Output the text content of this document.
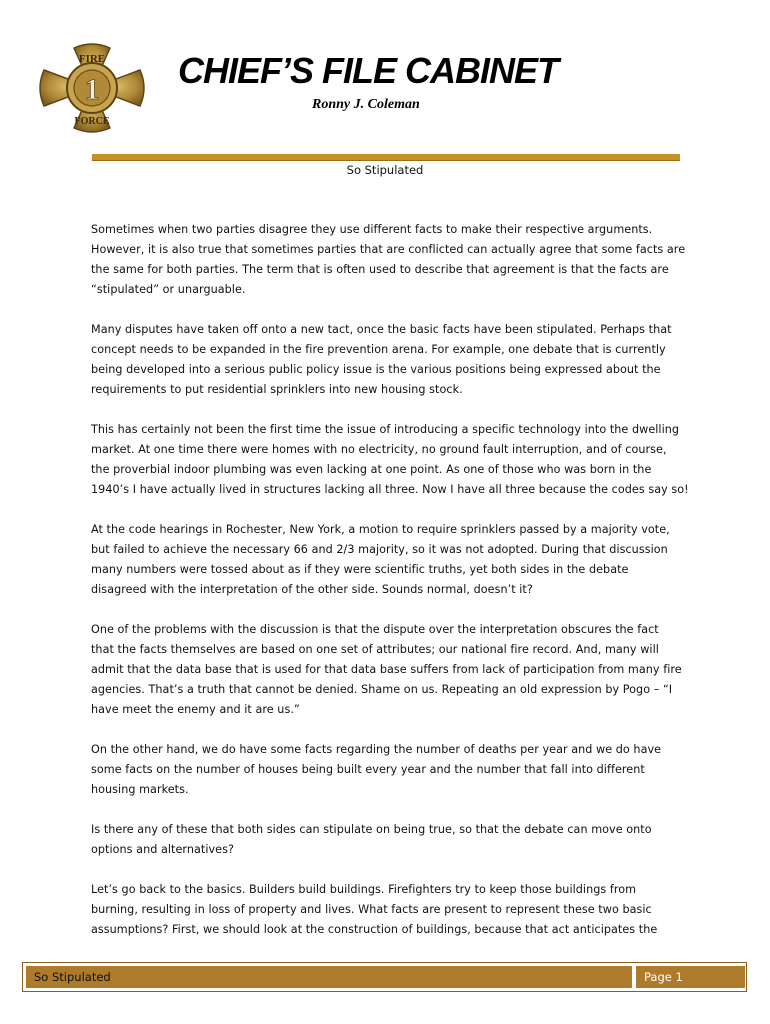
FIRE
FORCE
1 CHIEF’S FILE CABINET
Ronny J. Coleman
So Stipulated
Sometimes when two parties disagree they use different facts to make their respective arguments.
However, it is also true that sometimes parties that are conflicted can actually agree that some facts are
the same for both parties. The term that is often used to describe that agreement is that the facts are
“stipulated” or unarguable.
Many disputes have taken off onto a new tact, once the basic facts have been stipulated. Perhaps that
concept needs to be expanded in the fire prevention arena. For example, one debate that is currently
being developed into a serious public policy issue is the various positions being expressed about the
requirements to put residential sprinklers into new housing stock.
This has certainly not been the first time the issue of introducing a specific technology into the dwelling
market. At one time there were homes with no electricity, no ground fault interruption, and of course,
the proverbial indoor plumbing was even lacking at one point. As one of those who was born in the
1940’s I have actually lived in structures lacking all three. Now I have all three because the codes say so!
At the code hearings in Rochester, New York, a motion to require sprinklers passed by a majority vote,
but failed to achieve the necessary 66 and 2/3 majority, so it was not adopted. During that discussion
many numbers were tossed about as if they were scientific truths, yet both sides in the debate
disagreed with the interpretation of the other side. Sounds normal, doesn’t it?
One of the problems with the discussion is that the dispute over the interpretation obscures the fact
that the facts themselves are based on one set of attributes; our national fire record. And, many will
admit that the data base that is used for that data base suffers from lack of participation from many fire
agencies. That’s a truth that cannot be denied. Shame on us. Repeating an old expression by Pogo – “I
have meet the enemy and it are us.”
On the other hand, we do have some facts regarding the number of deaths per year and we do have
some facts on the number of houses being built every year and the number that fall into different
housing markets.
Is there any of these that both sides can stipulate on being true, so that the debate can move onto
options and alternatives?
Let’s go back to the basics. Builders build buildings. Firefighters try to keep those buildings from
burning, resulting in loss of property and lives. What facts are present to represent these two basic
assumptions? First, we should look at the construction of buildings, because that act anticipates the
So Stipulated	Page 1
